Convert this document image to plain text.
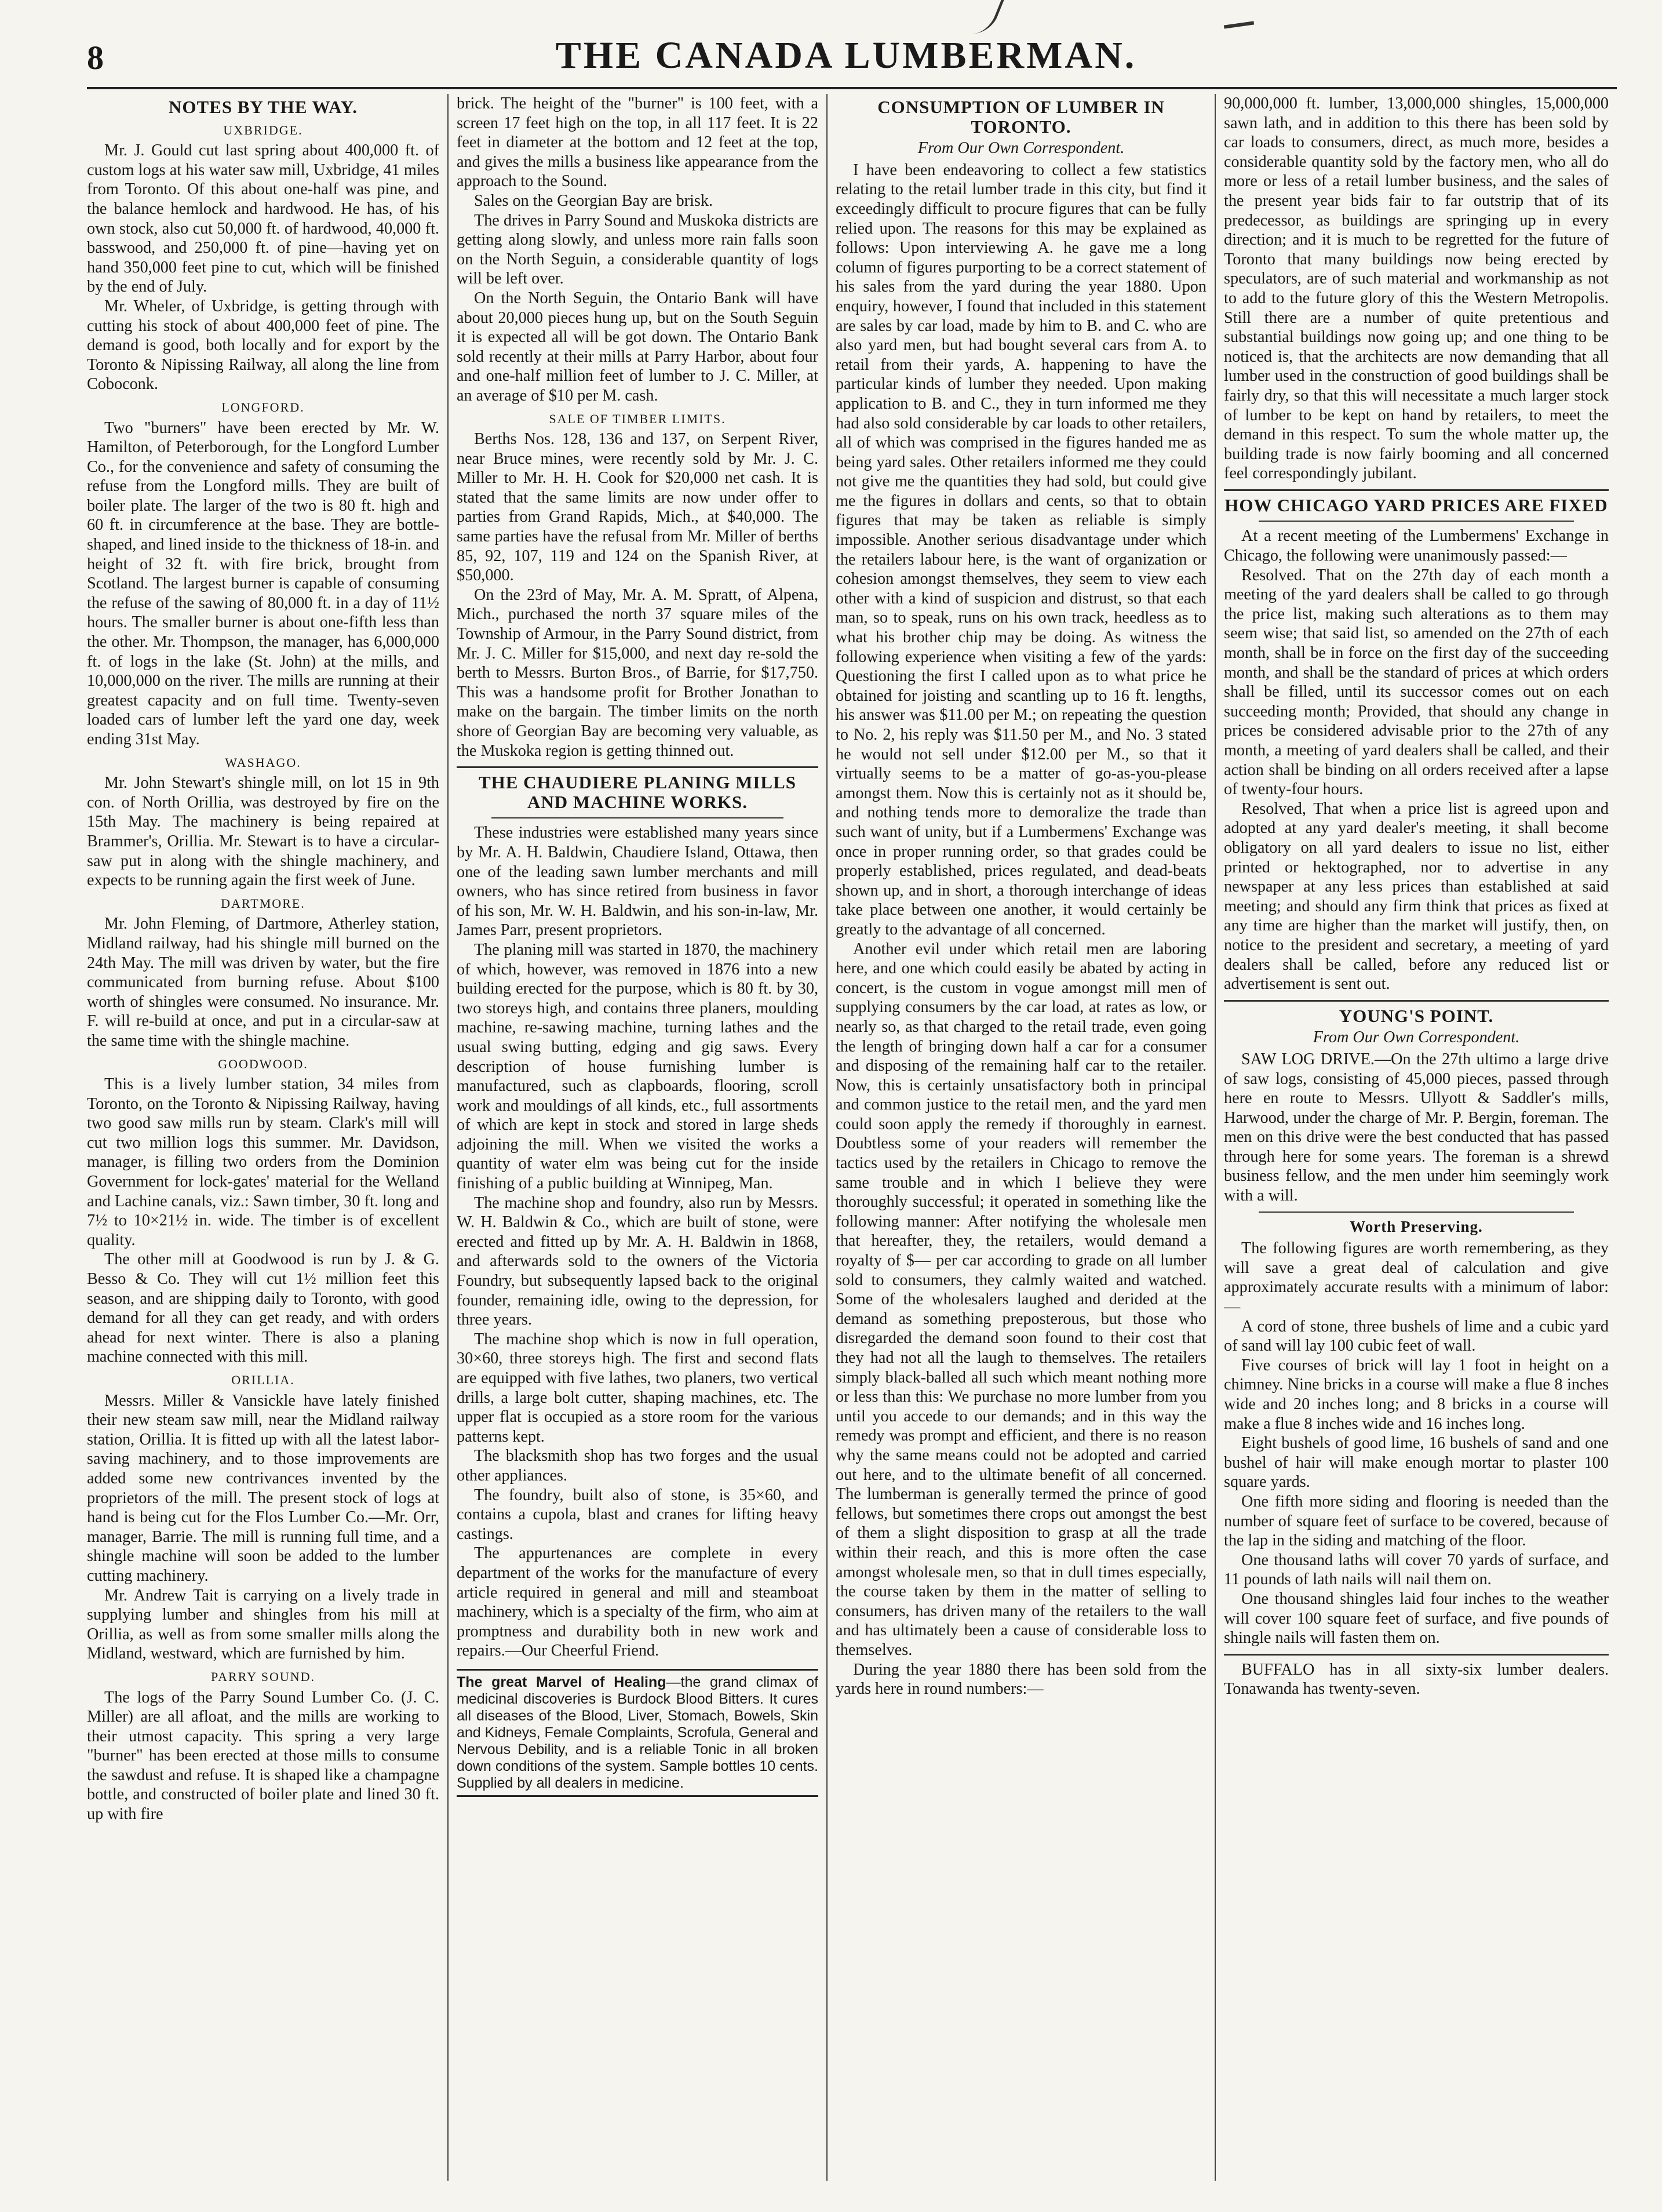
8	THE CANADA LUMBERMAN.
NOTES BY THE WAY.
UXBRIDGE.

Mr. J. Gould cut last spring about 400,000 ft. of custom logs at his water saw mill, Uxbridge, 41 miles from Toronto. Of this about one-half was pine, and the balance hemlock and hardwood. He has, of his own stock, also cut 50,000 ft. of hardwood, 40,000 ft. basswood, and 250,000 ft. of pine—having yet on hand 350,000 feet pine to cut, which will be finished by the end of July.

Mr. Wheler, of Uxbridge, is getting through with cutting his stock of about 400,000 feet of pine. The demand is good, both locally and for export by the Toronto & Nipissing Railway, all along the line from Coboconk.

LONGFORD.

Two "burners" have been erected by Mr. W. Hamilton, of Peterborough, for the Longford Lumber Co., for the convenience and safety of consuming the refuse from the Longford mills. They are built of boiler plate. The larger of the two is 80 ft. high and 60 ft. in circumference at the base. They are bottle-shaped, and lined inside to the thickness of 18-in. and height of 32 ft. with fire brick, brought from Scotland. The largest burner is capable of consuming the refuse of the sawing of 80,000 ft. in a day of 11½ hours. The smaller burner is about one-fifth less than the other. Mr. Thompson, the manager, has 6,000,000 ft. of logs in the lake (St. John) at the mills, and 10,000,000 on the river. The mills are running at their greatest capacity and on full time. Twenty-seven loaded cars of lumber left the yard one day, week ending 31st May.

WASHAGO.

Mr. John Stewart's shingle mill, on lot 15 in 9th con. of North Orillia, was destroyed by fire on the 15th May. The machinery is being repaired at Brammer's, Orillia. Mr. Stewart is to have a circular-saw put in along with the shingle machinery, and expects to be running again the first week of June.

DARTMORE.

Mr. John Fleming, of Dartmore, Atherley station, Midland railway, had his shingle mill burned on the 24th May. The mill was driven by water, but the fire communicated from burning refuse. About $100 worth of shingles were consumed. No insurance. Mr. F. will re-build at once, and put in a circular-saw at the same time with the shingle machine.

GOODWOOD.

This is a lively lumber station, 34 miles from Toronto, on the Toronto & Nipissing Railway, having two good saw mills run by steam. Clark's mill will cut two million logs this summer. Mr. Davidson, manager, is filling two orders from the Dominion Government for lock-gates' material for the Welland and Lachine canals, viz.: Sawn timber, 30 ft. long and 7½ to 10×21½ in. wide. The timber is of excellent quality.

The other mill at Goodwood is run by J. & G. Besso & Co. They will cut 1½ million feet this season, and are shipping daily to Toronto, with good demand for all they can get ready, and with orders ahead for next winter. There is also a planing machine connected with this mill.

ORILLIA.

Messrs. Miller & Vansickle have lately finished their new steam saw mill, near the Midland railway station, Orillia. It is fitted up with all the latest labor-saving machinery, and to those improvements are added some new contrivances invented by the proprietors of the mill. The present stock of logs at hand is being cut for the Flos Lumber Co.—Mr. Orr, manager, Barrie. The mill is running full time, and a shingle machine will soon be added to the lumber cutting machinery.

Mr. Andrew Tait is carrying on a lively trade in supplying lumber and shingles from his mill at Orillia, as well as from some smaller mills along the Midland, westward, which are furnished by him.

PARRY SOUND.

The logs of the Parry Sound Lumber Co. (J. C. Miller) are all afloat, and the mills are working to their utmost capacity. This spring a very large "burner" has been erected at those mills to consume the sawdust and refuse. It is shaped like a champagne bottle, and constructed of boiler plate and lined 30 ft. up with fire

brick. The height of the "burner" is 100 feet, with a screen 17 feet high on the top, in all 117 feet. It is 22 feet in diameter at the bottom and 12 feet at the top, and gives the mills a business like appearance from the approach to the Sound.

Sales on the Georgian Bay are brisk.

The drives in Parry Sound and Muskoka districts are getting along slowly, and unless more rain falls soon on the North Seguin, a considerable quantity of logs will be left over.

On the North Seguin, the Ontario Bank will have about 20,000 pieces hung up, but on the South Seguin it is expected all will be got down. The Ontario Bank sold recently at their mills at Parry Harbor, about four and one-half million feet of lumber to J. C. Miller, at an average of $10 per M. cash.

SALE OF TIMBER LIMITS.

Berths Nos. 128, 136 and 137, on Serpent River, near Bruce mines, were recently sold by Mr. J. C. Miller to Mr. H. H. Cook for $20,000 net cash. It is stated that the same limits are now under offer to parties from Grand Rapids, Mich., at $40,000. The same parties have the refusal from Mr. Miller of berths 85, 92, 107, 119 and 124 on the Spanish River, at $50,000.

On the 23rd of May, Mr. A. M. Spratt, of Alpena, Mich., purchased the north 37 square miles of the Township of Armour, in the Parry Sound district, from Mr. J. C. Miller for $15,000, and next day re-sold the berth to Messrs. Burton Bros., of Barrie, for $17,750. This was a handsome profit for Brother Jonathan to make on the bargain. The timber limits on the north shore of Georgian Bay are becoming very valuable, as the Muskoka region is getting thinned out.

THE CHAUDIERE PLANING MILLS AND MACHINE WORKS.

These industries were established many years since by Mr. A. H. Baldwin, Chaudiere Island, Ottawa, then one of the leading sawn lumber merchants and mill owners, who has since retired from business in favor of his son, Mr. W. H. Baldwin, and his son-in-law, Mr. James Parr, present proprietors.

The planing mill was started in 1870, the machinery of which, however, was removed in 1876 into a new building erected for the purpose, which is 80 ft. by 30, two storeys high, and contains three planers, moulding machine, re-sawing machine, turning lathes and the usual swing butting, edging and gig saws. Every description of house furnishing lumber is manufactured, such as clapboards, flooring, scroll work and mouldings of all kinds, etc., full assortments of which are kept in stock and stored in large sheds adjoining the mill. When we visited the works a quantity of water elm was being cut for the inside finishing of a public building at Winnipeg, Man.

The machine shop and foundry, also run by Messrs. W. H. Baldwin & Co., which are built of stone, were erected and fitted up by Mr. A. H. Baldwin in 1868, and afterwards sold to the owners of the Victoria Foundry, but subsequently lapsed back to the original founder, remaining idle, owing to the depression, for three years.

The machine shop which is now in full operation, 30×60, three storeys high. The first and second flats are equipped with five lathes, two planers, two vertical drills, a large bolt cutter, shaping machines, etc. The upper flat is occupied as a store room for the various patterns kept.

The blacksmith shop has two forges and the usual other appliances.

The foundry, built also of stone, is 35×60, and contains a cupola, blast and cranes for lifting heavy castings.

The appurtenances are complete in every department of the works for the manufacture of every article required in general and mill and steamboat machinery, which is a specialty of the firm, who aim at promptness and durability both in new work and repairs.—Our Cheerful Friend.

The great Marvel of Healing—the grand climax of medicinal discoveries is Burdock Blood Bitters. It cures all diseases of the Blood, Liver, Stomach, Bowels, Skin and Kidneys, Female Complaints, Scrofula, General and Nervous Debility, and is a reliable Tonic in all broken down conditions of the system. Sample bottles 10 cents. Supplied by all dealers in medicine.

CONSUMPTION OF LUMBER IN TORONTO.
From Our Own Correspondent.

I have been endeavoring to collect a few statistics relating to the retail lumber trade in this city, but find it exceedingly difficult to procure figures that can be fully relied upon. The reasons for this may be explained as follows: Upon interviewing A. he gave me a long column of figures purporting to be a correct statement of his sales from the yard during the year 1880. Upon enquiry, however, I found that included in this statement are sales by car load, made by him to B. and C. who are also yard men, but had bought several cars from A. to retail from their yards, A. happening to have the particular kinds of lumber they needed. Upon making application to B. and C., they in turn informed me they had also sold considerable by car loads to other retailers, all of which was comprised in the figures handed me as being yard sales. Other retailers informed me they could not give me the quantities they had sold, but could give me the figures in dollars and cents, so that to obtain figures that may be taken as reliable is simply impossible. Another serious disadvantage under which the retailers labour here, is the want of organization or cohesion amongst themselves, they seem to view each other with a kind of suspicion and distrust, so that each man, so to speak, runs on his own track, heedless as to what his brother chip may be doing. As witness the following experience when visiting a few of the yards: Questioning the first I called upon as to what price he obtained for joisting and scantling up to 16 ft. lengths, his answer was $11.00 per M.; on repeating the question to No. 2, his reply was $11.50 per M., and No. 3 stated he would not sell under $12.00 per M., so that it virtually seems to be a matter of go-as-you-please amongst them. Now this is certainly not as it should be, and nothing tends more to demoralize the trade than such want of unity, but if a Lumbermens' Exchange was once in proper running order, so that grades could be properly established, prices regulated, and dead-beats shown up, and in short, a thorough interchange of ideas take place between one another, it would certainly be greatly to the advantage of all concerned.

Another evil under which retail men are laboring here, and one which could easily be abated by acting in concert, is the custom in vogue amongst mill men of supplying consumers by the car load, at rates as low, or nearly so, as that charged to the retail trade, even going the length of bringing down half a car for a consumer and disposing of the remaining half car to the retailer. Now, this is certainly unsatisfactory both in principal and common justice to the retail men, and the yard men could soon apply the remedy if thoroughly in earnest. Doubtless some of your readers will remember the tactics used by the retailers in Chicago to remove the same trouble and in which I believe they were thoroughly successful; it operated in something like the following manner: After notifying the wholesale men that hereafter, they, the retailers, would demand a royalty of $— per car according to grade on all lumber sold to consumers, they calmly waited and watched. Some of the wholesalers laughed and derided at the demand as something preposterous, but those who disregarded the demand soon found to their cost that they had not all the laugh to themselves. The retailers simply black-balled all such which meant nothing more or less than this: We purchase no more lumber from you until you accede to our demands; and in this way the remedy was prompt and efficient, and there is no reason why the same means could not be adopted and carried out here, and to the ultimate benefit of all concerned. The lumberman is generally termed the prince of good fellows, but sometimes there crops out amongst the best of them a slight disposition to grasp at all the trade within their reach, and this is more often the case amongst wholesale men, so that in dull times especially, the course taken by them in the matter of selling to consumers, has driven many of the retailers to the wall and has ultimately been a cause of considerable loss to themselves.

During the year 1880 there has been sold from the yards here in round numbers:—

90,000,000 ft. lumber, 13,000,000 shingles, 15,000,000 sawn lath, and in addition to this there has been sold by car loads to consumers, direct, as much more, besides a considerable quantity sold by the factory men, who all do more or less of a retail lumber business, and the sales of the present year bids fair to far outstrip that of its predecessor, as buildings are springing up in every direction; and it is much to be regretted for the future of Toronto that many buildings now being erected by speculators, are of such material and workmanship as not to add to the future glory of this the Western Metropolis. Still there are a number of quite pretentious and substantial buildings now going up; and one thing to be noticed is, that the architects are now demanding that all lumber used in the construction of good buildings shall be fairly dry, so that this will necessitate a much larger stock of lumber to be kept on hand by retailers, to meet the demand in this respect. To sum the whole matter up, the building trade is now fairly booming and all concerned feel correspondingly jubilant.

HOW CHICAGO YARD PRICES ARE FIXED

At a recent meeting of the Lumbermens' Exchange in Chicago, the following were unanimously passed:—

Resolved. That on the 27th day of each month a meeting of the yard dealers shall be called to go through the price list, making such alterations as to them may seem wise; that said list, so amended on the 27th of each month, shall be in force on the first day of the succeeding month, and shall be the standard of prices at which orders shall be filled, until its successor comes out on each succeeding month; Provided, that should any change in prices be considered advisable prior to the 27th of any month, a meeting of yard dealers shall be called, and their action shall be binding on all orders received after a lapse of twenty-four hours.

Resolved, That when a price list is agreed upon and adopted at any yard dealer's meeting, it shall become obligatory on all yard dealers to issue no list, either printed or hektographed, nor to advertise in any newspaper at any less prices than established at said meeting; and should any firm think that prices as fixed at any time are higher than the market will justify, then, on notice to the president and secretary, a meeting of yard dealers shall be called, before any reduced list or advertisement is sent out.

YOUNG'S POINT.
From Our Own Correspondent.

SAW LOG DRIVE.—On the 27th ultimo a large drive of saw logs, consisting of 45,000 pieces, passed through here en route to Messrs. Ullyott & Saddler's mills, Harwood, under the charge of Mr. P. Bergin, foreman. The men on this drive were the best conducted that has passed through here for some years. The foreman is a shrewd business fellow, and the men under him seemingly work with a will.

Worth Preserving.

The following figures are worth remembering, as they will save a great deal of calculation and give approximately accurate results with a minimum of labor:—

A cord of stone, three bushels of lime and a cubic yard of sand will lay 100 cubic feet of wall.

Five courses of brick will lay 1 foot in height on a chimney. Nine bricks in a course will make a flue 8 inches wide and 20 inches long; and 8 bricks in a course will make a flue 8 inches wide and 16 inches long.

Eight bushels of good lime, 16 bushels of sand and one bushel of hair will make enough mortar to plaster 100 square yards.

One fifth more siding and flooring is needed than the number of square feet of surface to be covered, because of the lap in the siding and matching of the floor.

One thousand laths will cover 70 yards of surface, and 11 pounds of lath nails will nail them on.

One thousand shingles laid four inches to the weather will cover 100 square feet of surface, and five pounds of shingle nails will fasten them on.

BUFFALO has in all sixty-six lumber dealers. Tonawanda has twenty-seven.
